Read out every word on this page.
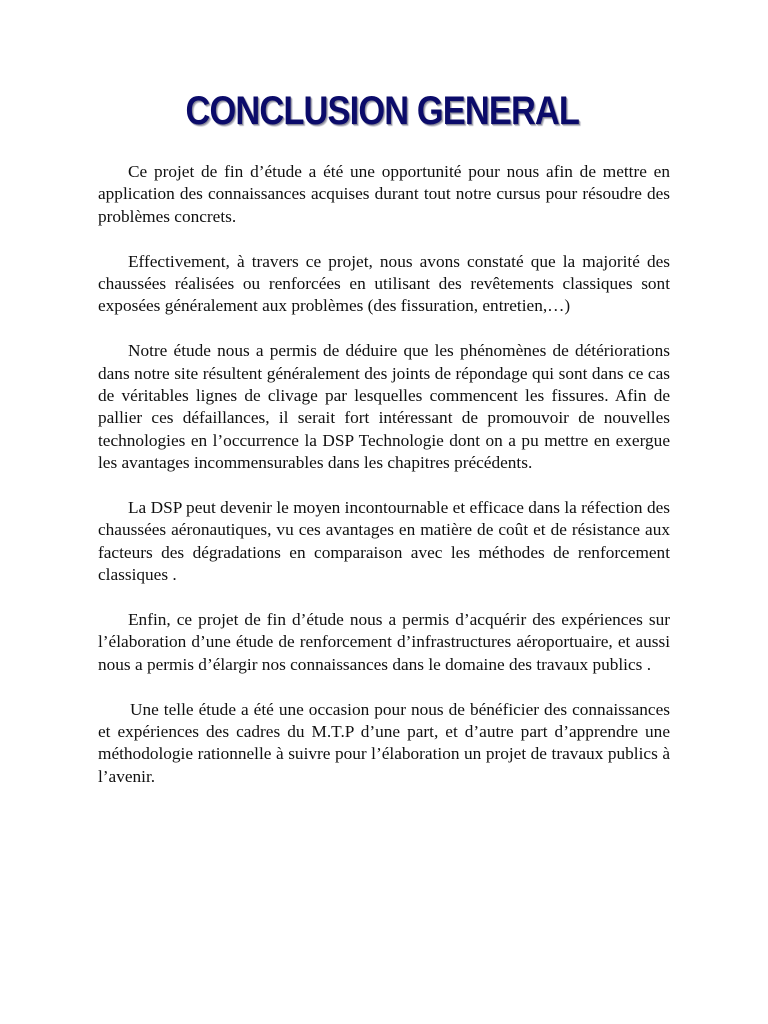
CONCLUSION GENERAL

Ce projet de fin d’étude a été une opportunité pour nous afin de mettre en application des connaissances acquises durant tout notre cursus pour résoudre des problèmes concrets.

Effectivement, à travers ce projet, nous avons constaté que la majorité des chaussées réalisées ou renforcées en utilisant des revêtements classiques sont exposées généralement aux problèmes (des fissuration, entretien,…)

Notre étude nous a permis de déduire que les phénomènes de détériorations dans notre site résultent généralement des joints de répondage qui sont dans ce cas de véritables lignes de clivage par lesquelles commencent les fissures. Afin de pallier ces défaillances, il serait fort intéressant de promouvoir de nouvelles technologies en l’occurrence la DSP Technologie dont on a pu mettre en exergue les avantages incommensurables dans les chapitres précédents.

La DSP peut devenir le moyen incontournable et efficace dans la réfection des chaussées aéronautiques, vu ces avantages en matière de coût et de résistance aux facteurs des dégradations en comparaison avec les méthodes de renforcement classiques .

Enfin, ce projet de fin d’étude nous a permis d’acquérir des expériences sur l’élaboration d’une étude de renforcement d’infrastructures aéroportuaire, et aussi nous a permis d’élargir nos connaissances dans le domaine des travaux publics .

Une telle étude a été une occasion pour nous de bénéficier des connaissances et expériences des cadres du M.T.P d’une part, et d’autre part d’apprendre une méthodologie rationnelle à suivre pour l’élaboration un projet de travaux publics à l’avenir.
